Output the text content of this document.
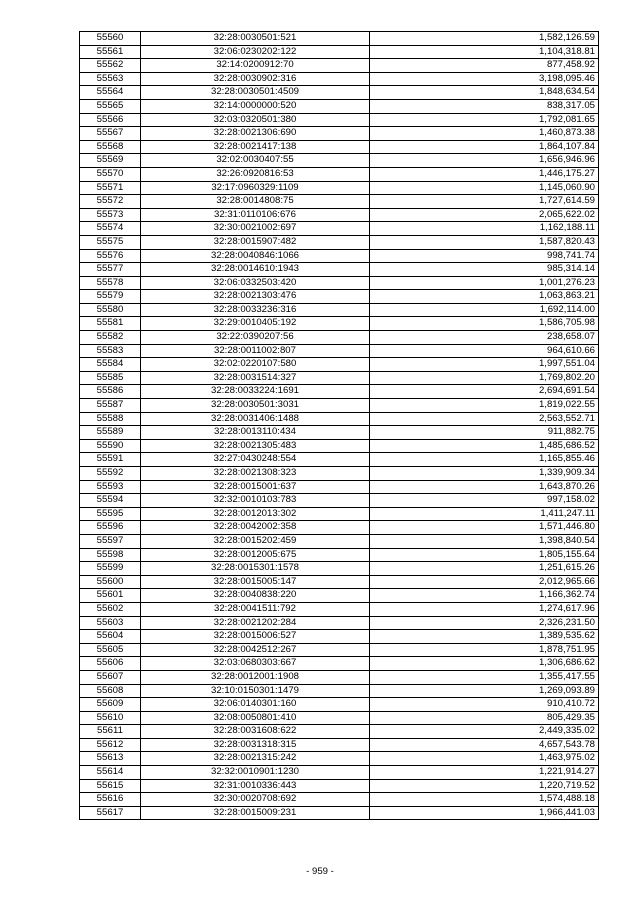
55560	32:28:0030501:521	1,582,126.59
55561	32:06:0230202:122	1,104,318.81
55562	32:14:0200912:70	877,458.92
55563	32:28:0030902:316	3,198,095.46
55564	32:28:0030501:4509	1,848,634.54
55565	32:14:0000000:520	838,317.05
55566	32:03:0320501:380	1,792,081.65
55567	32:28:0021306:690	1,460,873.38
55568	32:28:0021417:138	1,864,107.84
55569	32:02:0030407:55	1,656,946.96
55570	32:26:0920816:53	1,446,175.27
55571	32:17:0960329:1109	1,145,060.90
55572	32:28:0014808:75	1,727,614.59
55573	32:31:0110106:676	2,065,622.02
55574	32:30:0021002:697	1,162,188.11
55575	32:28:0015907:482	1,587,820.43
55576	32:28:0040846:1066	998,741.74
55577	32:28:0014610:1943	985,314.14
55578	32:06:0332503:420	1,001,276.23
55579	32:28:0021303:476	1,063,863.21
55580	32:28:0033236:316	1,692,114.00
55581	32:29:0010405:192	1,586,705.98
55582	32:22:0390207:56	238,658.07
55583	32:28:0011002:807	964,610.66
55584	32:02:0220107:580	1,997,551.04
55585	32:28:0031514:327	1,769,802.20
55586	32:28:0033224:1691	2,694,691.54
55587	32:28:0030501:3031	1,819,022.55
55588	32:28:0031406:1488	2,563,552.71
55589	32:28:0013110:434	911,882.75
55590	32:28:0021305:483	1,485,686.52
55591	32:27:0430248:554	1,165,855.46
55592	32:28:0021308:323	1,339,909.34
55593	32:28:0015001:637	1,643,870.26
55594	32:32:0010103:783	997,158.02
55595	32:28:0012013:302	1,411,247.11
55596	32:28:0042002:358	1,571,446.80
55597	32:28:0015202:459	1,398,840.54
55598	32:28:0012005:675	1,805,155.64
55599	32:28:0015301:1578	1,251,615.26
55600	32:28:0015005:147	2,012,965.66
55601	32:28:0040838:220	1,166,362.74
55602	32:28:0041511:792	1,274,617.96
55603	32:28:0021202:284	2,326,231.50
55604	32:28:0015006:527	1,389,535.62
55605	32:28:0042512:267	1,878,751.95
55606	32:03:0680303:667	1,306,686.62
55607	32:28:0012001:1908	1,355,417.55
55608	32:10:0150301:1479	1,269,093.89
55609	32:06:0140301:160	910,410.72
55610	32:08:0050801:410	805,429.35
55611	32:28:0031608:622	2,449,335.02
55612	32:28:0031318:315	4,657,543.78
55613	32:28:0021315:242	1,463,975.02
55614	32:32:0010901:1230	1,221,914.27
55615	32:31:0010336:443	1,220,719.52
55616	32:30:0020708:692	1,574,488.18
55617	32:28:0015009:231	1,966,441.03
- 959 -
